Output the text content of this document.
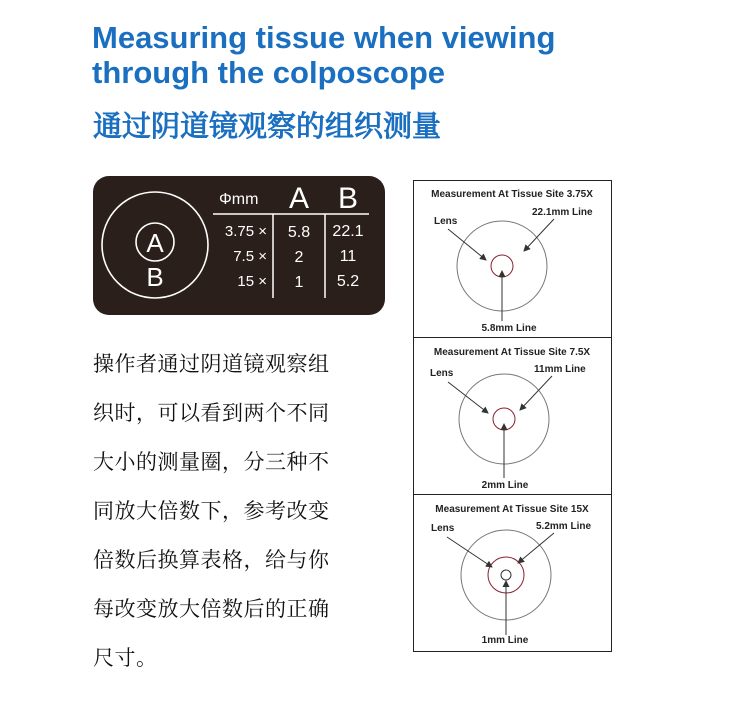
Measuring tissue when viewing
through the colposcope
通过阴道镜观察的组织测量
A
B
Φmm A B
3.75 × 5.8 22.1
7.5 × 2 11
15 × 1 5.2

操作者通过阴道镜观察组
织时，可以看到两个不同
大小的测量圈，分三种不
同放大倍数下，参考改变
倍数后换算表格，给与你
每改变放大倍数后的正确
尺寸。

Measurement At Tissue Site 3.75X
Lens
22.1mm Line
5.8mm Line
Measurement At Tissue Site 7.5X
Lens	11mm Line
2mm Line
Measurement At Tissue Site 15X
Lens	5.2mm Line
1mm Line
